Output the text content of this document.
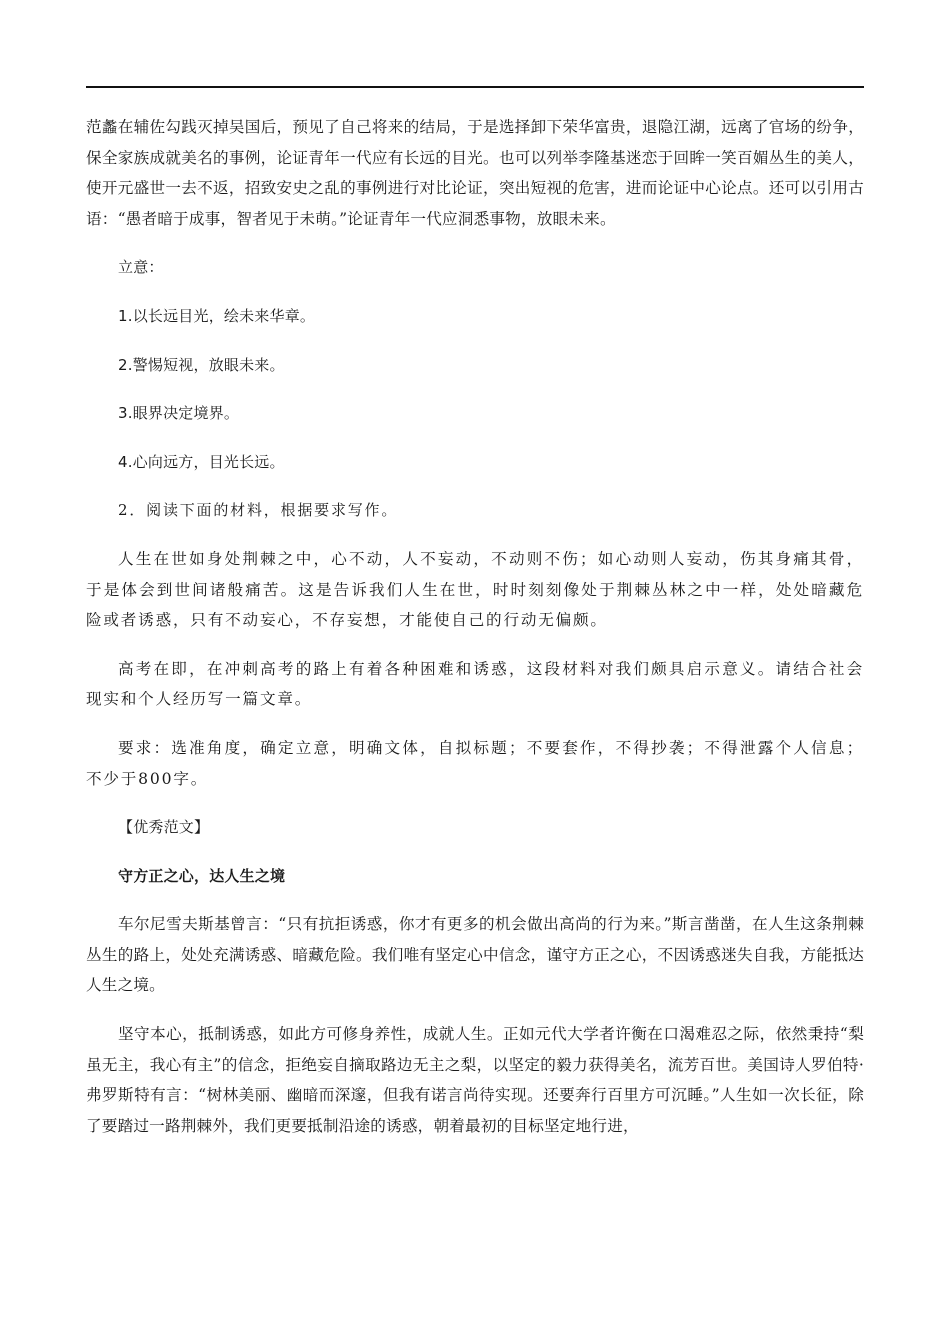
范蠡在辅佐勾践灭掉吴国后，预见了自己将来的结局，于是选择卸下荣华富贵，退隐江湖，远离了官场的纷争，保全家族成就美名的事例，论证青年一代应有长远的目光。也可以列举李隆基迷恋于回眸一笑百媚丛生的美人，使开元盛世一去不返，招致安史之乱的事例进行对比论证，突出短视的危害，进而论证中心论点。还可以引用古语：“愚者暗于成事，智者见于未萌。”论证青年一代应洞悉事物，放眼未来。

立意：

1.以长远目光，绘未来华章。

2.警惕短视，放眼未来。

3.眼界决定境界。

4.心向远方，目光长远。

2．阅读下面的材料，根据要求写作。

人生在世如身处荆棘之中，心不动，人不妄动，不动则不伤；如心动则人妄动，伤其身痛其骨，于是体会到世间诸般痛苦。这是告诉我们人生在世，时时刻刻像处于荆棘丛林之中一样，处处暗藏危险或者诱惑，只有不动妄心，不存妄想，才能使自己的行动无偏颇。

高考在即，在冲刺高考的路上有着各种困难和诱惑，这段材料对我们颇具启示意义。请结合社会现实和个人经历写一篇文章。

要求：选准角度，确定立意，明确文体，自拟标题；不要套作，不得抄袭；不得泄露个人信息；不少于800字。

【优秀范文】

守方正之心，达人生之境

车尔尼雪夫斯基曾言：“只有抗拒诱惑，你才有更多的机会做出高尚的行为来。”斯言凿凿，在人生这条荆棘丛生的路上，处处充满诱惑、暗藏危险。我们唯有坚定心中信念，谨守方正之心，不因诱惑迷失自我，方能抵达人生之境。

坚守本心，抵制诱惑，如此方可修身养性，成就人生。正如元代大学者许衡在口渴难忍之际，依然秉持“梨虽无主，我心有主”的信念，拒绝妄自摘取路边无主之梨，以坚定的毅力获得美名，流芳百世。美国诗人罗伯特·弗罗斯特有言：“树林美丽、幽暗而深邃，但我有诺言尚待实现。还要奔行百里方可沉睡。”人生如一次长征，除了要踏过一路荆棘外，我们更要抵制沿途的诱惑，朝着最初的目标坚定地行进，
